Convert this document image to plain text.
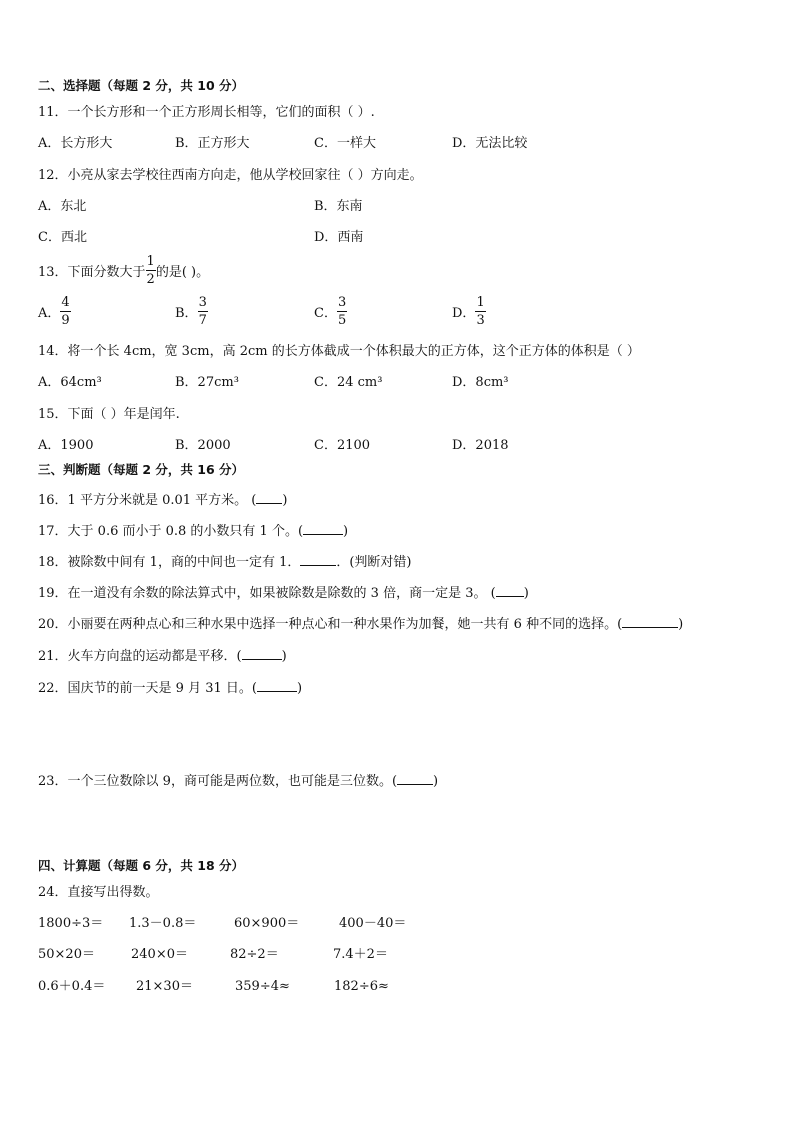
二、选择题（每题 2 分，共 10 分）
11．一个长方形和一个正方形周长相等，它们的面积（ ）.
A．长方形大	B．正方形大	C．一样大	D．无法比较
12．小亮从家去学校往西南方向走，他从学校回家往（ ）方向走。
A．东北	B．东南
C．西北	D．西南
13．下面分数大于 $\frac{1}{2}$ 的是( )。
A． $\frac{4}{9}$	B． $\frac{3}{7}$	C． $\frac{3}{5}$	D． $\frac{1}{3}$
14．将一个长 4cm，宽 3cm，高 2cm 的长方体截成一个体积最大的正方体，这个正方体的体积是（ ）
A．64cm³	B．27cm³	C．24 cm³	D．8cm³
15．下面（ ）年是闰年.
A．1900	B．2000	C．2100	D．2018
三、判断题（每题 2 分，共 16 分）
16．1 平方分米就是 0.01 平方米。 ( )
17．大于 0.6 而小于 0.8 的小数只有 1 个。(	)
18．被除数中间有 1，商的中间也一定有 1．	．(判断对错)
19．在一道没有余数的除法算式中，如果被除数是除数的 3 倍，商一定是 3。 ( )
20．小丽要在两种点心和三种水果中选择一种点心和一种水果作为加餐，她一共有 6 种不同的选择。(	)
21．火车方向盘的运动都是平移．(	)
22．国庆节的前一天是 9 月 31 日。(	)
23．一个三位数除以 9，商可能是两位数，也可能是三位数。(	)
四、计算题（每题 6 分，共 18 分）
24．直接写出得数。
1800÷3＝ 1.3－0.8＝	60×900＝	400－40＝
50×20＝	240×0＝	82÷2＝	7.4＋2＝
0.6＋0.4＝ 21×30＝	359÷4≈	182÷6≈
